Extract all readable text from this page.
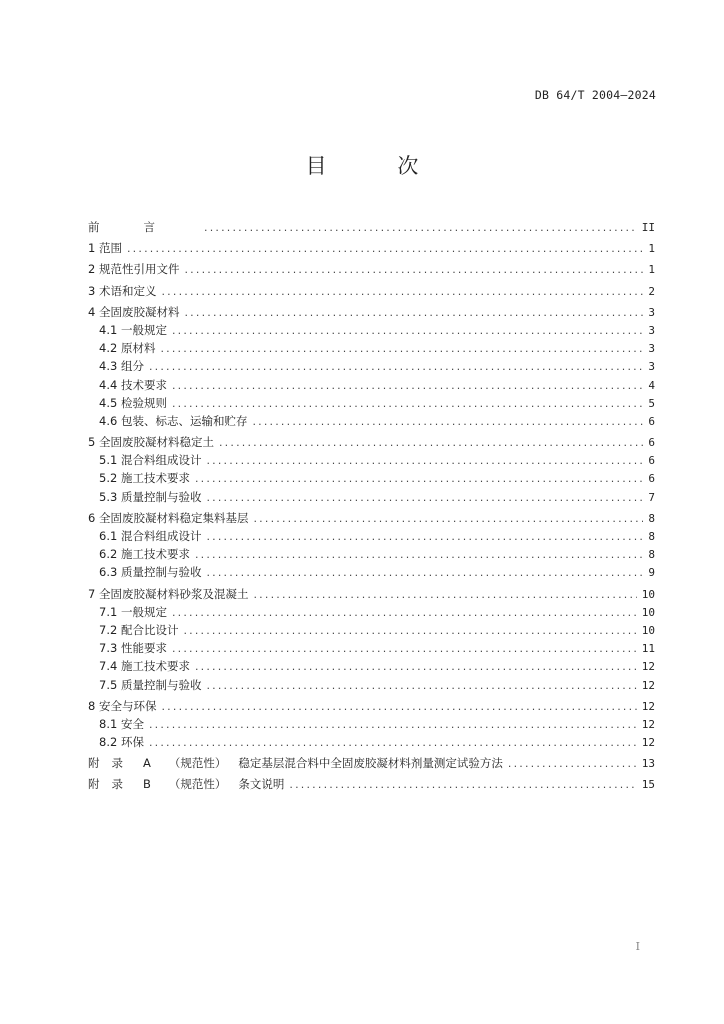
DB 64/T 2004—2024
目 次
前言 .....	II
1 范围 .....	1
2 规范性引用文件 .....	1
3 术语和定义 .....	2
4 全固废胶凝材料 .....	3
4.1 一般规定 .....	3
4.2 原材料 .....	3
4.3 组分 .....	3
4.4 技术要求 .....	4
4.5 检验规则 .....	5
4.6 包装、标志、运输和贮存 .....	6
5 全固废胶凝材料稳定土 .....	6
5.1 混合料组成设计 .....	6
5.2 施工技术要求 .....	6
5.3 质量控制与验收 .....	7
6 全固废胶凝材料稳定集料基层 .....	8
6.1 混合料组成设计 .....	8
6.2 施工技术要求 .....	8
6.3 质量控制与验收 .....	9
7 全固废胶凝材料砂浆及混凝土 .....	10
7.1 一般规定 .....	10
7.2 配合比设计 .....	10
7.3 性能要求 .....	11
7.4 施工技术要求 .....	12
7.5 质量控制与验收 .....	12
8 安全与环保 .....	12
8.1 安全 .....	12
8.2 环保 .....	12
附录 A （规范性） 稳定基层混合料中全固废胶凝材料剂量测定试验方法 .....	13
附录 B （规范性） 条文说明 .....	15
I
